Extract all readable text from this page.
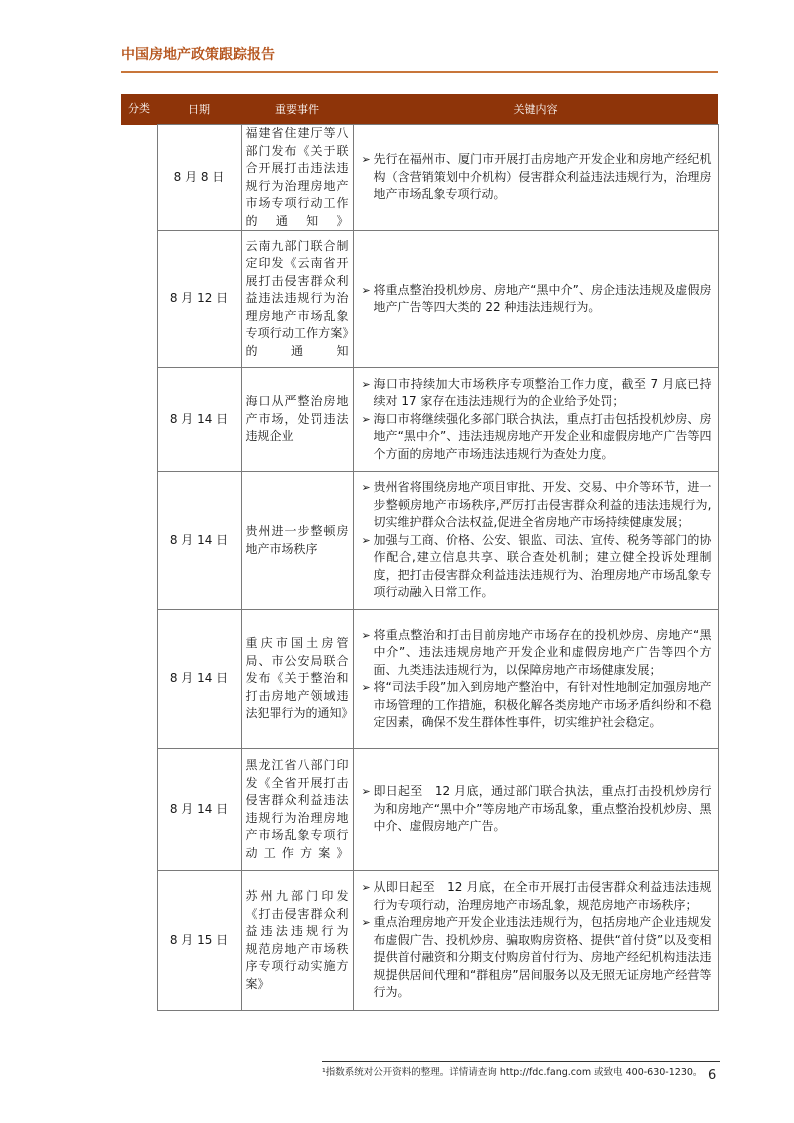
中国房地产政策跟踪报告
分类	日期	重要事件	关键内容
	8 月 8 日	福建省住建厅等八部门发布《关于联合开展打击违法违规行为治理房地产市场专项行动工作的通知》	➢ 先行在福州市、厦门市开展打击房地产开发企业和房地产经纪机构（含营销策划中介机构）侵害群众利益违法违规行为，治理房地产市场乱象专项行动。

	8 月 12 日	云南九部门联合制定印发《云南省开展打击侵害群众利益违法违规行为治理房地产市场乱象专项行动工作方案》的通知	➢ 将重点整治投机炒房、房地产“黑中介”、房企违法违规及虚假房地产广告等四大类的 22 种违法违规行为。

	8 月 14 日	海口从严整治房地产市场，处罚违法违规企业	➢ 海口市持续加大市场秩序专项整治工作力度，截至 7 月底已持续对 17 家存在违法违规行为的企业给予处罚；
➢ 海口市将继续强化多部门联合执法，重点打击包括投机炒房、房地产“黑中介”、违法违规房地产开发企业和虚假房地产广告等四个方面的房地产市场违法违规行为查处力度。

	8 月 14 日	贵州进一步整顿房地产市场秩序	➢ 贵州省将围绕房地产项目审批、开发、交易、中介等环节，进一步整顿房地产市场秩序,严厉打击侵害群众利益的违法违规行为,切实维护群众合法权益,促进全省房地产市场持续健康发展；
➢ 加强与工商、价格、公安、银监、司法、宣传、税务等部门的协作配合,建立信息共享、联合查处机制；建立健全投诉处理制度，把打击侵害群众利益违法违规行为、治理房地产市场乱象专项行动融入日常工作。

	8 月 14 日	重庆市国土房管局、市公安局联合发布《关于整治和打击房地产领域违法犯罪行为的通知》	➢ 将重点整治和打击目前房地产市场存在的投机炒房、房地产“黑中介”、违法违规房地产开发企业和虚假房地产广告等四个方面、九类违法违规行为，以保障房地产市场健康发展；
➢ 将“司法手段”加入到房地产整治中，有针对性地制定加强房地产市场管理的工作措施，积极化解各类房地产市场矛盾纠纷和不稳定因素，确保不发生群体性事件，切实维护社会稳定。

	8 月 14 日	黑龙江省八部门印发《全省开展打击侵害群众利益违法违规行为治理房地产市场乱象专项行动工作方案》	➢ 即日起至　12 月底，通过部门联合执法，重点打击投机炒房行为和房地产“黑中介”等房地产市场乱象，重点整治投机炒房、黑中介、虚假房地产广告。

	8 月 15 日	苏州九部门印发《打击侵害群众利益违法违规行为　规范房地产市场秩序专项行动实施方案》	➢ 从即日起至　12 月底，在全市开展打击侵害群众利益违法违规行为专项行动，治理房地产市场乱象，规范房地产市场秩序；
➢ 重点治理房地产开发企业违法违规行为，包括房地产企业违规发布虚假广告、投机炒房、骗取购房资格、提供“首付贷”以及变相提供首付融资和分期支付购房首付行为、房地产经纪机构违法违规提供居间代理和“群租房”居间服务以及无照无证房地产经营等行为。
¹指数系统对公开资料的整理。详情请查询 http://fdc.fang.com 或致电 400-630-1230。 6
